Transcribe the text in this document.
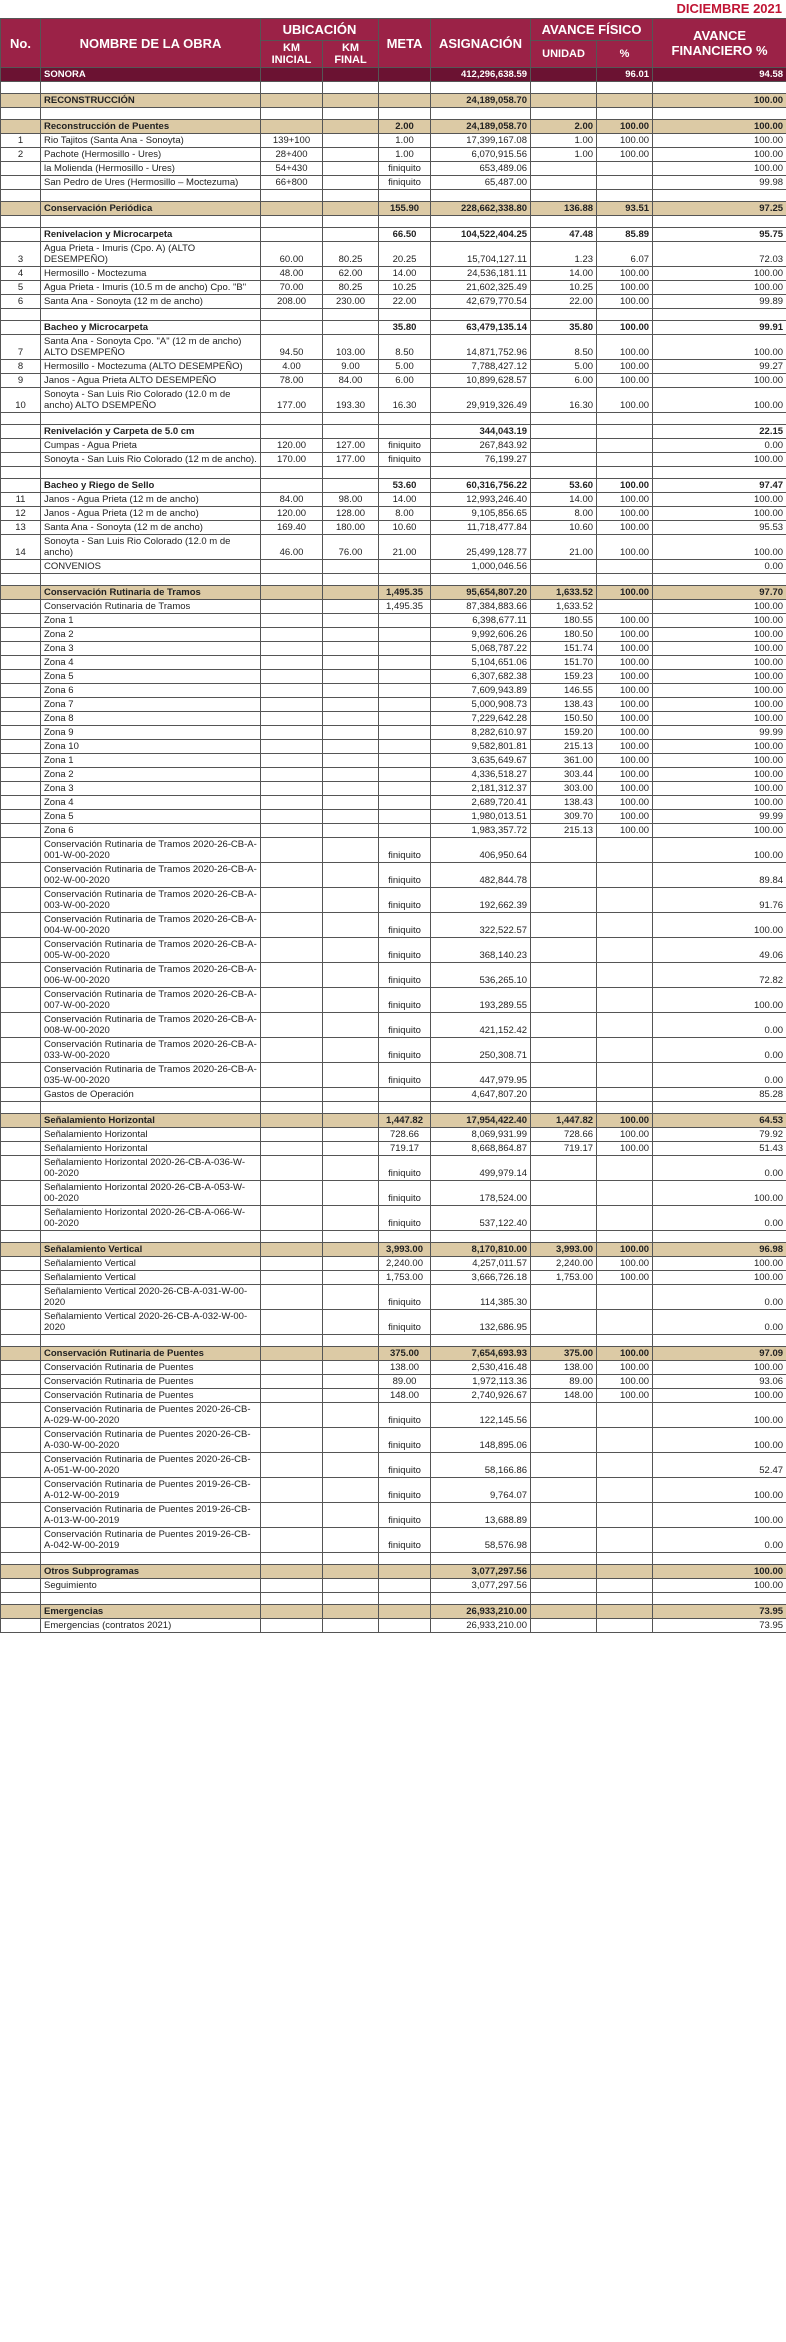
DICIEMBRE 2021
No.	NOMBRE DE LA OBRA	UBICACIÓN		META	ASIGNACIÓN	AVANCE FÍSICO		AVANCE FINANCIERO %
		KM INICIAL	KM FINAL			UNIDAD	%	
	SONORA				412,296,638.59		96.01	94.58

	RECONSTRUCCIÓN				24,189,058.70			100.00

	Reconstrucción de Puentes			2.00	24,189,058.70	2.00	100.00	100.00
1	Rio Tajitos (Santa Ana - Sonoyta)	139+100		1.00	17,399,167.08	1.00	100.00	100.00
2	Pachote (Hermosillo - Ures)	28+400		1.00	6,070,915.56	1.00	100.00	100.00
	la Molienda (Hermosillo - Ures)	54+430		finiquito	653,489.06			100.00
	San Pedro de Ures (Hermosillo – Moctezuma)	66+800		finiquito	65,487.00			99.98

	Conservación Periódica			155.90	228,662,338.80	136.88	93.51	97.25

	Renivelacion y Microcarpeta			66.50	104,522,404.25	47.48	85.89	95.75
3	Agua Prieta - Imuris (Cpo. A) (ALTO DESEMPEÑO)	60.00	80.25	20.25	15,704,127.11	1.23	6.07	72.03
4	Hermosillo - Moctezuma	48.00	62.00	14.00	24,536,181.11	14.00	100.00	100.00
5	Agua Prieta - Imuris (10.5 m de ancho) Cpo. "B"	70.00	80.25	10.25	21,602,325.49	10.25	100.00	100.00
6	Santa Ana - Sonoyta (12 m de ancho)	208.00	230.00	22.00	42,679,770.54	22.00	100.00	99.89

	Bacheo y Microcarpeta			35.80	63,479,135.14	35.80	100.00	99.91
7	Santa Ana - Sonoyta Cpo. "A" (12 m de ancho) ALTO DSEMPEÑO	94.50	103.00	8.50	14,871,752.96	8.50	100.00	100.00
8	Hermosillo - Moctezuma (ALTO DESEMPEÑO)	4.00	9.00	5.00	7,788,427.12	5.00	100.00	99.27
9	Janos - Agua Prieta ALTO DESEMPEÑO	78.00	84.00	6.00	10,899,628.57	6.00	100.00	100.00
10	Sonoyta - San Luis Rio Colorado (12.0 m de ancho) ALTO DSEMPEÑO	177.00	193.30	16.30	29,919,326.49	16.30	100.00	100.00

	Renivelación y Carpeta de 5.0 cm				344,043.19			22.15
	Cumpas - Agua Prieta	120.00	127.00	finiquito	267,843.92			0.00
	Sonoyta - San Luis Rio Colorado (12 m de ancho).	170.00	177.00	finiquito	76,199.27			100.00

	Bacheo y Riego de Sello			53.60	60,316,756.22	53.60	100.00	97.47
11	Janos - Agua Prieta (12 m de ancho)	84.00	98.00	14.00	12,993,246.40	14.00	100.00	100.00
12	Janos - Agua Prieta (12 m de ancho)	120.00	128.00	8.00	9,105,856.65	8.00	100.00	100.00
13	Santa Ana - Sonoyta (12 m de ancho)	169.40	180.00	10.60	11,718,477.84	10.60	100.00	95.53
14	Sonoyta - San Luis Rio Colorado (12.0 m de ancho)	46.00	76.00	21.00	25,499,128.77	21.00	100.00	100.00
	CONVENIOS				1,000,046.56			0.00

	Conservación Rutinaria de Tramos			1,495.35	95,654,807.20	1,633.52	100.00	97.70
	Conservación Rutinaria de Tramos			1,495.35	87,384,883.66	1,633.52		100.00
	Zona 1				6,398,677.11	180.55	100.00	100.00
	Zona 2				9,992,606.26	180.50	100.00	100.00
	Zona 3				5,068,787.22	151.74	100.00	100.00
	Zona 4				5,104,651.06	151.70	100.00	100.00
	Zona 5				6,307,682.38	159.23	100.00	100.00
	Zona 6				7,609,943.89	146.55	100.00	100.00
	Zona 7				5,000,908.73	138.43	100.00	100.00
	Zona 8				7,229,642.28	150.50	100.00	100.00
	Zona 9				8,282,610.97	159.20	100.00	99.99
	Zona 10				9,582,801.81	215.13	100.00	100.00
	Zona 1				3,635,649.67	361.00	100.00	100.00
	Zona 2				4,336,518.27	303.44	100.00	100.00
	Zona 3				2,181,312.37	303.00	100.00	100.00
	Zona 4				2,689,720.41	138.43	100.00	100.00
	Zona 5				1,980,013.51	309.70	100.00	99.99
	Zona 6				1,983,357.72	215.13	100.00	100.00
	Conservación Rutinaria de Tramos 2020-26-CB-A-001-W-00-2020			finiquito	406,950.64			100.00
	Conservación Rutinaria de Tramos 2020-26-CB-A-002-W-00-2020			finiquito	482,844.78			89.84
	Conservación Rutinaria de Tramos 2020-26-CB-A-003-W-00-2020			finiquito	192,662.39			91.76
	Conservación Rutinaria de Tramos 2020-26-CB-A-004-W-00-2020			finiquito	322,522.57			100.00
	Conservación Rutinaria de Tramos 2020-26-CB-A-005-W-00-2020			finiquito	368,140.23			49.06
	Conservación Rutinaria de Tramos 2020-26-CB-A-006-W-00-2020			finiquito	536,265.10			72.82
	Conservación Rutinaria de Tramos 2020-26-CB-A-007-W-00-2020			finiquito	193,289.55			100.00
	Conservación Rutinaria de Tramos 2020-26-CB-A-008-W-00-2020			finiquito	421,152.42			0.00
	Conservación Rutinaria de Tramos 2020-26-CB-A-033-W-00-2020			finiquito	250,308.71			0.00
	Conservación Rutinaria de Tramos 2020-26-CB-A-035-W-00-2020			finiquito	447,979.95			0.00
	Gastos de Operación				4,647,807.20			85.28

	Señalamiento Horizontal			1,447.82	17,954,422.40	1,447.82	100.00	64.53
	Señalamiento Horizontal			728.66	8,069,931.99	728.66	100.00	79.92
	Señalamiento Horizontal			719.17	8,668,864.87	719.17	100.00	51.43
	Señalamiento Horizontal 2020-26-CB-A-036-W-00-2020			finiquito	499,979.14			0.00
	Señalamiento Horizontal 2020-26-CB-A-053-W-00-2020			finiquito	178,524.00			100.00
	Señalamiento Horizontal 2020-26-CB-A-066-W-00-2020			finiquito	537,122.40			0.00

	Señalamiento Vertical			3,993.00	8,170,810.00	3,993.00	100.00	96.98
	Señalamiento Vertical			2,240.00	4,257,011.57	2,240.00	100.00	100.00
	Señalamiento Vertical			1,753.00	3,666,726.18	1,753.00	100.00	100.00
	Señalamiento Vertical 2020-26-CB-A-031-W-00-2020			finiquito	114,385.30			0.00
	Señalamiento Vertical 2020-26-CB-A-032-W-00-2020			finiquito	132,686.95			0.00

	Conservación Rutinaria de Puentes			375.00	7,654,693.93	375.00	100.00	97.09
	Conservación Rutinaria de Puentes			138.00	2,530,416.48	138.00	100.00	100.00
	Conservación Rutinaria de Puentes			89.00	1,972,113.36	89.00	100.00	93.06
	Conservación Rutinaria de Puentes			148.00	2,740,926.67	148.00	100.00	100.00
	Conservación Rutinaria de Puentes 2020-26-CB-A-029-W-00-2020			finiquito	122,145.56			100.00
	Conservación Rutinaria de Puentes 2020-26-CB-A-030-W-00-2020			finiquito	148,895.06			100.00
	Conservación Rutinaria de Puentes 2020-26-CB-A-051-W-00-2020			finiquito	58,166.86			52.47
	Conservación Rutinaria de Puentes 2019-26-CB-A-012-W-00-2019			finiquito	9,764.07			100.00
	Conservación Rutinaria de Puentes 2019-26-CB-A-013-W-00-2019			finiquito	13,688.89			100.00
	Conservación Rutinaria de Puentes 2019-26-CB-A-042-W-00-2019			finiquito	58,576.98			0.00

	Otros Subprogramas				3,077,297.56			100.00
	Seguimiento				3,077,297.56			100.00

	Emergencias				26,933,210.00			73.95
	Emergencias (contratos 2021)				26,933,210.00			73.95
